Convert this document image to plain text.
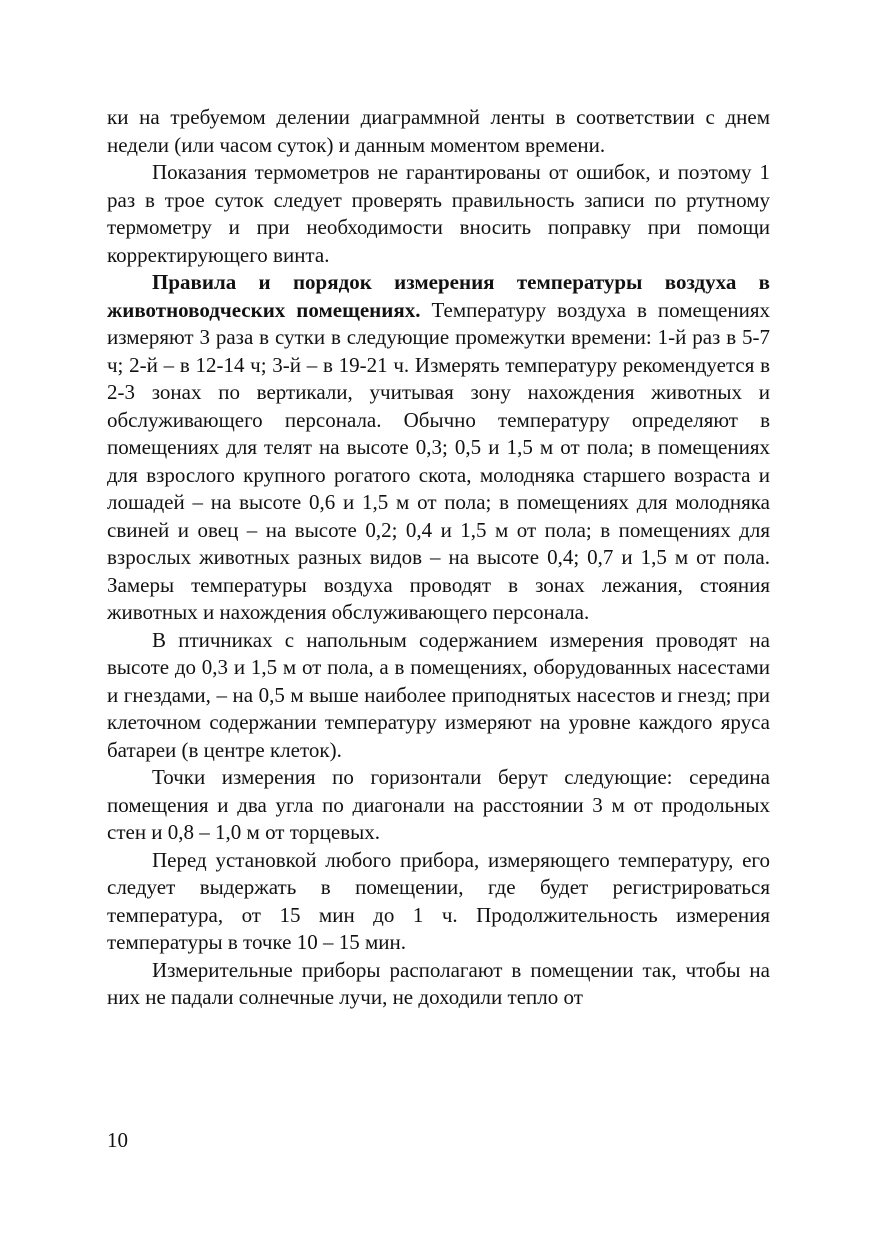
ки на требуемом делении диаграммной ленты в соответствии с днем недели (или часом суток) и данным моментом времени.

Показания термометров не гарантированы от ошибок, и поэтому 1 раз в трое суток следует проверять правильность записи по ртутному термометру и при необходимости вносить поправку при помощи корректирующего винта.

Правила и порядок измерения температуры воздуха в животноводческих помещениях. Температуру воздуха в помещениях измеряют 3 раза в сутки в следующие промежутки времени: 1-й раз в 5-7 ч; 2-й – в 12-14 ч; 3-й – в 19-21 ч. Измерять температуру рекомендуется в 2-3 зонах по вертикали, учитывая зону нахождения животных и обслуживающего персонала. Обычно температуру определяют в помещениях для телят на высоте 0,3; 0,5 и 1,5 м от пола; в помещениях для взрослого крупного рогатого скота, молодняка старшего возраста и лошадей – на высоте 0,6 и 1,5 м от пола; в помещениях для молодняка свиней и овец – на высоте 0,2; 0,4 и 1,5 м от пола; в помещениях для взрослых животных разных видов – на высоте 0,4; 0,7 и 1,5 м от пола. Замеры температуры воздуха проводят в зонах лежания, стояния животных и нахождения обслуживающего персонала.

В птичниках с напольным содержанием измерения проводят на высоте до 0,3 и 1,5 м от пола, а в помещениях, оборудованных насестами и гнездами, – на 0,5 м выше наиболее приподнятых насестов и гнезд; при клеточном содержании температуру измеряют на уровне каждого яруса батареи (в центре клеток).

Точки измерения по горизонтали берут следующие: середина помещения и два угла по диагонали на расстоянии 3 м от продольных стен и 0,8 – 1,0 м от торцевых.

Перед установкой любого прибора, измеряющего температуру, его следует выдержать в помещении, где будет регистрироваться температура, от 15 мин до 1 ч. Продолжительность измерения температуры в точке 10 – 15 мин.

Измерительные приборы располагают в помещении так, чтобы на них не падали солнечные лучи, не доходили тепло от

10
